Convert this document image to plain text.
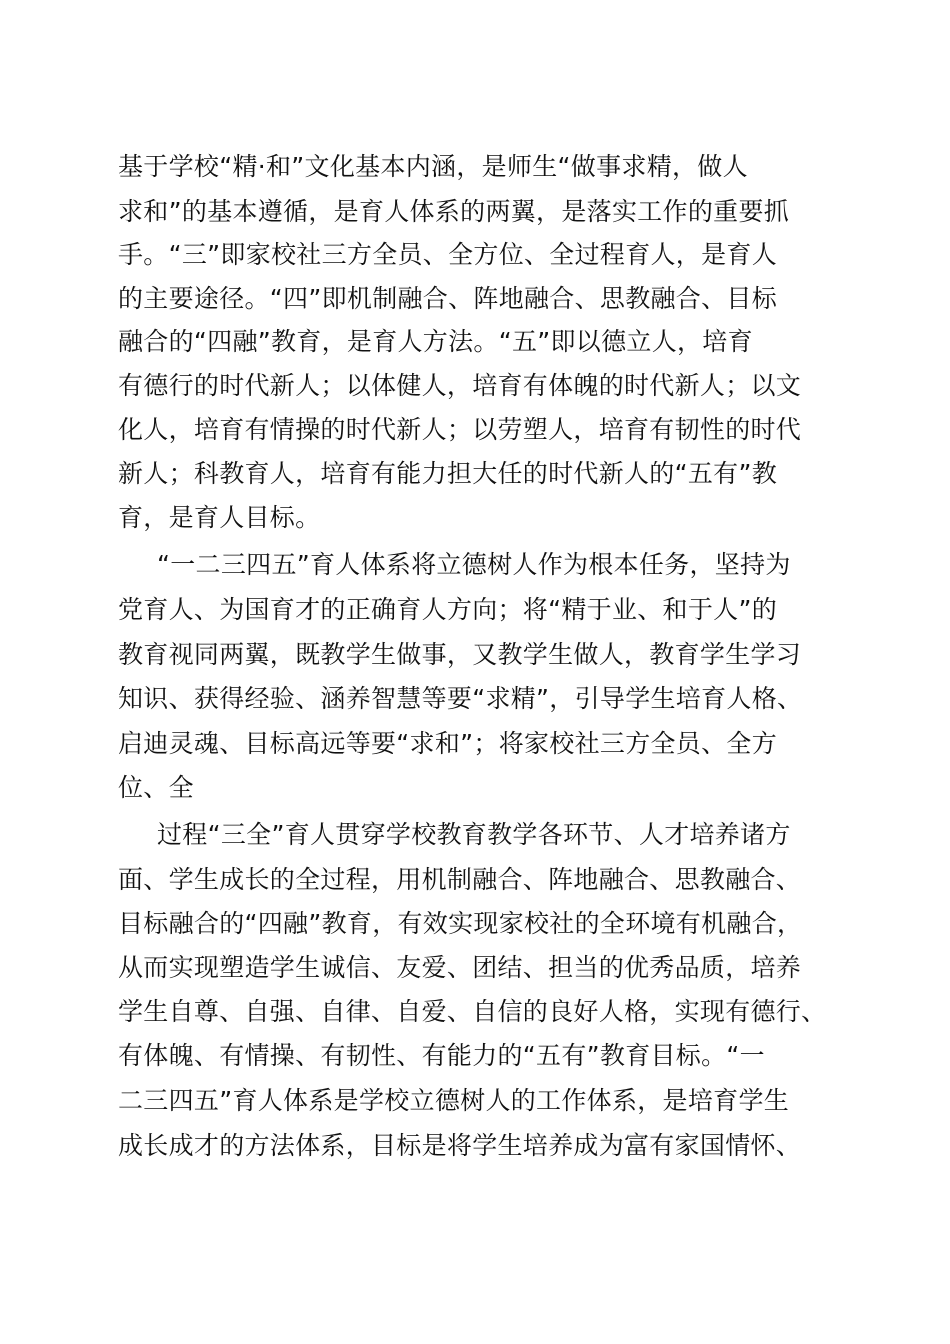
基于学校“精·和”文化基本内涵，是师生“做事求精，做人
求和”的基本遵循，是育人体系的两翼，是落实工作的重要抓
手。“三”即家校社三方全员、全方位、全过程育人，是育人
的主要途径。“四”即机制融合、阵地融合、思教融合、目标
融合的“四融”教育，是育人方法。“五”即以德立人，培育
有德行的时代新人；以体健人，培育有体魄的时代新人；以文
化人，培育有情操的时代新人；以劳塑人，培育有韧性的时代
新人；科教育人，培育有能力担大任的时代新人的“五有”教
育，是育人目标。
“一二三四五”育人体系将立德树人作为根本任务，坚持为
党育人、为国育才的正确育人方向；将“精于业、和于人”的
教育视同两翼，既教学生做事，又教学生做人，教育学生学习
知识、获得经验、涵养智慧等要“求精”，引导学生培育人格、
启迪灵魂、目标高远等要“求和”；将家校社三方全员、全方
位、全
过程“三全”育人贯穿学校教育教学各环节、人才培养诸方
面、学生成长的全过程，用机制融合、阵地融合、思教融合、
目标融合的“四融”教育，有效实现家校社的全环境有机融合，
从而实现塑造学生诚信、友爱、团结、担当的优秀品质，培养
学生自尊、自强、自律、自爱、自信的良好人格，实现有德行、
有体魄、有情操、有韧性、有能力的“五有”教育目标。“一
二三四五”育人体系是学校立德树人的工作体系，是培育学生
成长成才的方法体系，目标是将学生培养成为富有家国情怀、
